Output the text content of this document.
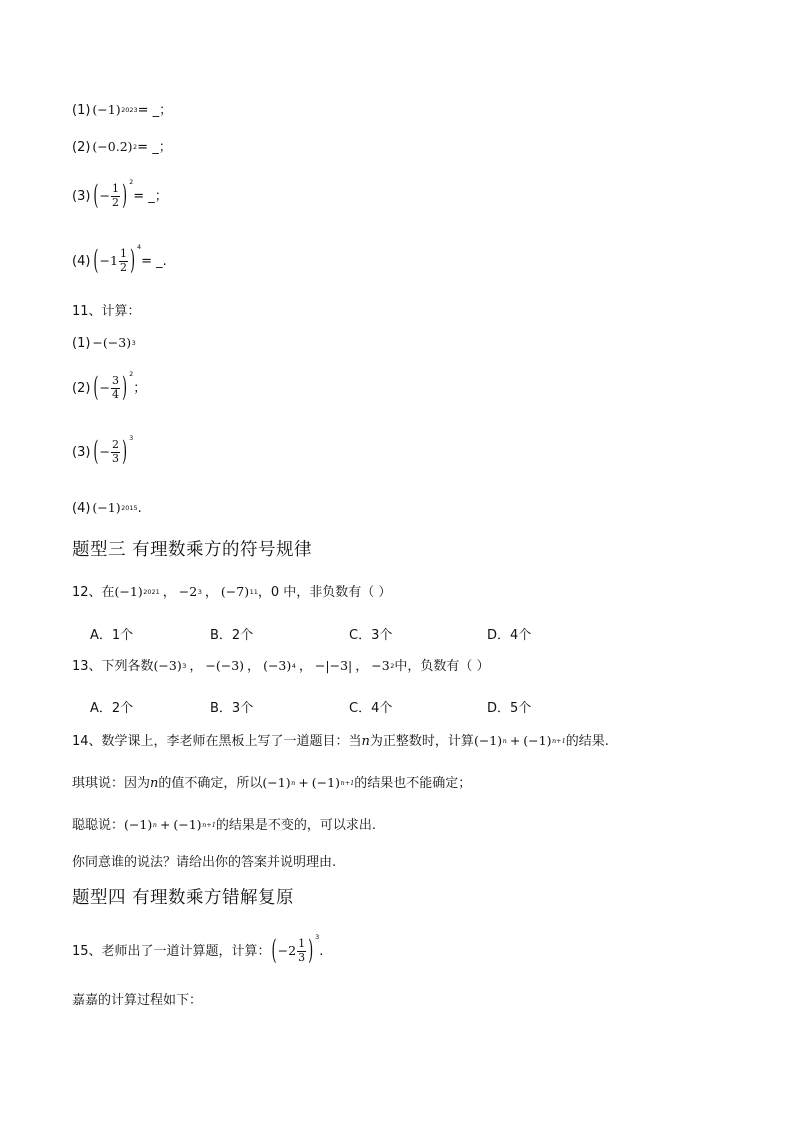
(1) (−1) 2023 = _；
(2) (−0.2) 2 = _；
(3) ( − $\frac{1}{2}$ ) 2
= _；
(4) ( − $1 \frac{1}{2}$ ) 4
= _.
11、计算：
(1) −(−3) 3
(2) ( − $\frac{3}{4}$ ) 2
；
(3) ( − $\frac{2}{3}$ ) 3
(4) (−1) 2015 .
题型三 有理数乘方的符号规律
12、在 (−1) 2021 ， −2 3 ， (−7) 11 ，0 中，非负数有（ ）
A．1个	B．2个	C．3个	D．4个
13、下列各数 (−3) 3 ， −(−3) ， (−3) 4 ， −|−3| ， −3 2 中，负数有（ ）
A．2个	B．3个	C．4个	D．5个
14、数学课上，李老师在黑板上写了一道题目：当 n 为正整数时，计算 (−1) n + (−1) n+1 的结果.
琪琪说：因为 n 的值不确定，所以 (−1) n + (−1) n+1 的结果也不能确定；
聪聪说： (−1) n + (−1) n+1 的结果是不变的，可以求出.
你同意谁的说法？请给出你的答案并说明理由.
题型四 有理数乘方错解复原
15、老师出了一道计算题，计算： ( − $2 \frac{1}{3}$ ) 3
.
嘉嘉的计算过程如下：
